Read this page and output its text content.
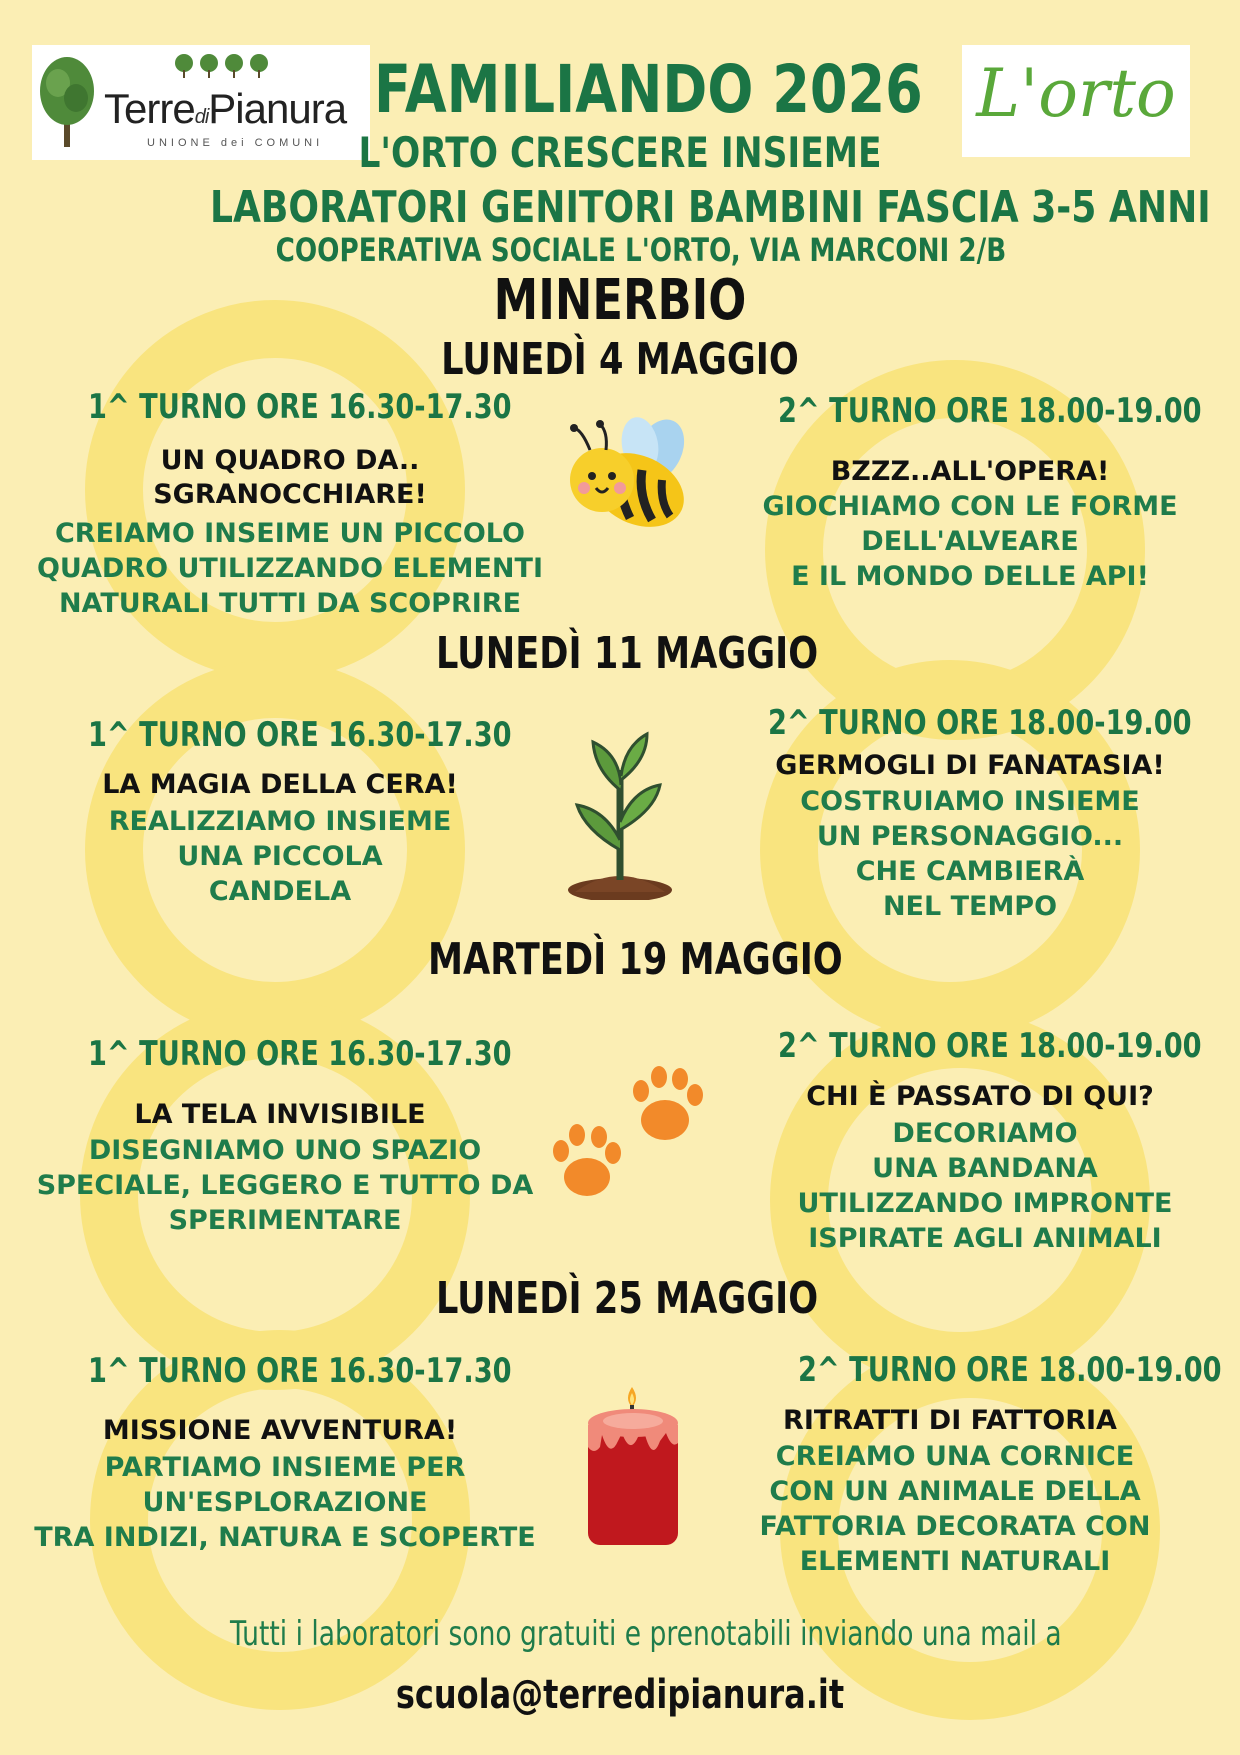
TerrediPianura
UNIONE dei COMUNI
L'orto
FAMILIANDO 2026
L'ORTO CRESCERE INSIEME
LABORATORI GENITORI BAMBINI FASCIA 3-5 ANNI
COOPERATIVA SOCIALE L'ORTO, VIA MARCONI 2/B
MINERBIO
LUNEDÌ 4 MAGGIO
1^ TURNO ORE 16.30-17.30
UN QUADRO DA..
SGRANOCCHIARE!
CREIAMO INSEIME UN PICCOLO
QUADRO UTILIZZANDO ELEMENTI
NATURALI TUTTI DA SCOPRIRE
2^ TURNO ORE 18.00-19.00
BZZZ..ALL'OPERA!
GIOCHIAMO CON LE FORME
DELL'ALVEARE
E IL MONDO DELLE API!
LUNEDÌ 11 MAGGIO
1^ TURNO ORE 16.30-17.30
LA MAGIA DELLA CERA!
REALIZZIAMO INSIEME
UNA PICCOLA
CANDELA
2^ TURNO ORE 18.00-19.00
GERMOGLI DI FANATASIA!
COSTRUIAMO INSIEME
UN PERSONAGGIO...
CHE CAMBIERÀ
NEL TEMPO
MARTEDÌ 19 MAGGIO
1^ TURNO ORE 16.30-17.30
LA TELA INVISIBILE
DISEGNIAMO UNO SPAZIO
SPECIALE, LEGGERO E TUTTO DA
SPERIMENTARE
2^ TURNO ORE 18.00-19.00
CHI È PASSATO DI QUI?
DECORIAMO
UNA BANDANA
UTILIZZANDO IMPRONTE
ISPIRATE AGLI ANIMALI
LUNEDÌ 25 MAGGIO
1^ TURNO ORE 16.30-17.30
MISSIONE AVVENTURA!
PARTIAMO INSIEME PER
UN'ESPLORAZIONE
TRA INDIZI, NATURA E SCOPERTE
2^ TURNO ORE 18.00-19.00
RITRATTI DI FATTORIA
CREIAMO UNA CORNICE
CON UN ANIMALE DELLA
FATTORIA DECORATA CON
ELEMENTI NATURALI
Tutti i laboratori sono gratuiti e prenotabili inviando una mail a
scuola@terredipianura.it
